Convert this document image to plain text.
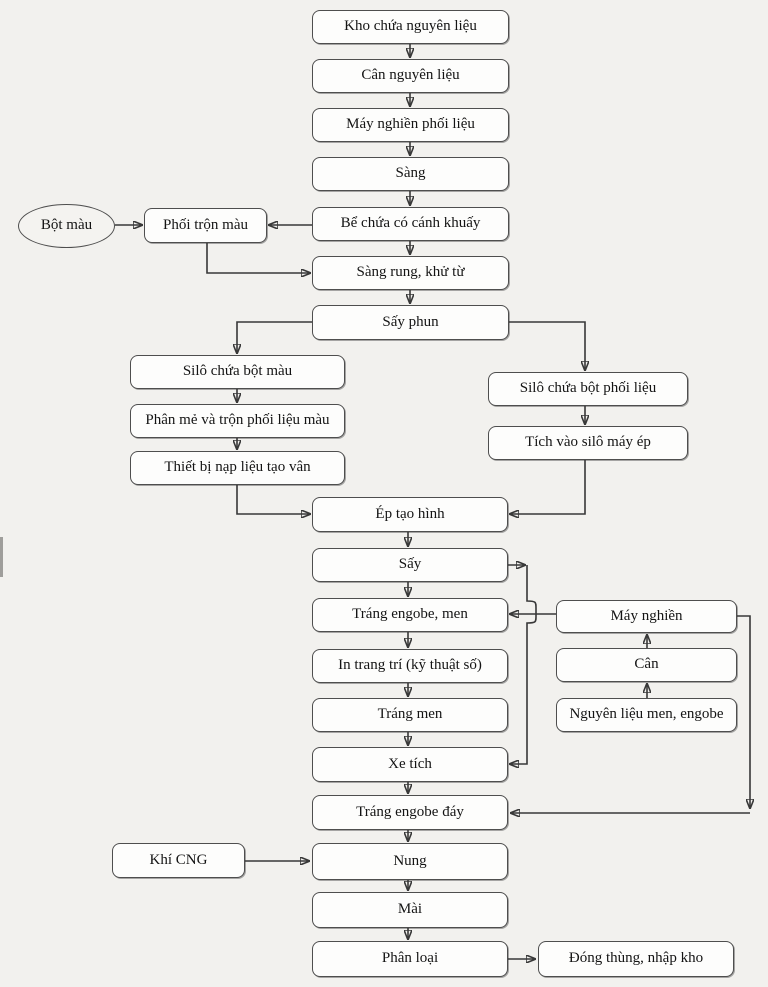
Kho chứa nguyên liệu
Cân nguyên liệu
Máy nghiền phối liệu
Sàng
Bể chứa có cánh khuấy
Bột màu	Phối trộn màu
Sàng rung, khử từ
Sấy phun
Silô chứa bột màu
Phân mẻ và trộn phối liệu màu
Thiết bị nạp liệu tạo vân
Silô chứa bột phối liệu
Tích vào silô máy ép
Ép tạo hình
Sấy
Tráng engobe, men
In trang trí (kỹ thuật số)
Tráng men
Xe tích
Tráng engobe đáy
Khí CNG	Nung
Mài
Phân loại	Đóng thùng, nhập kho
Máy nghiền
Cân
Nguyên liệu men, engobe
